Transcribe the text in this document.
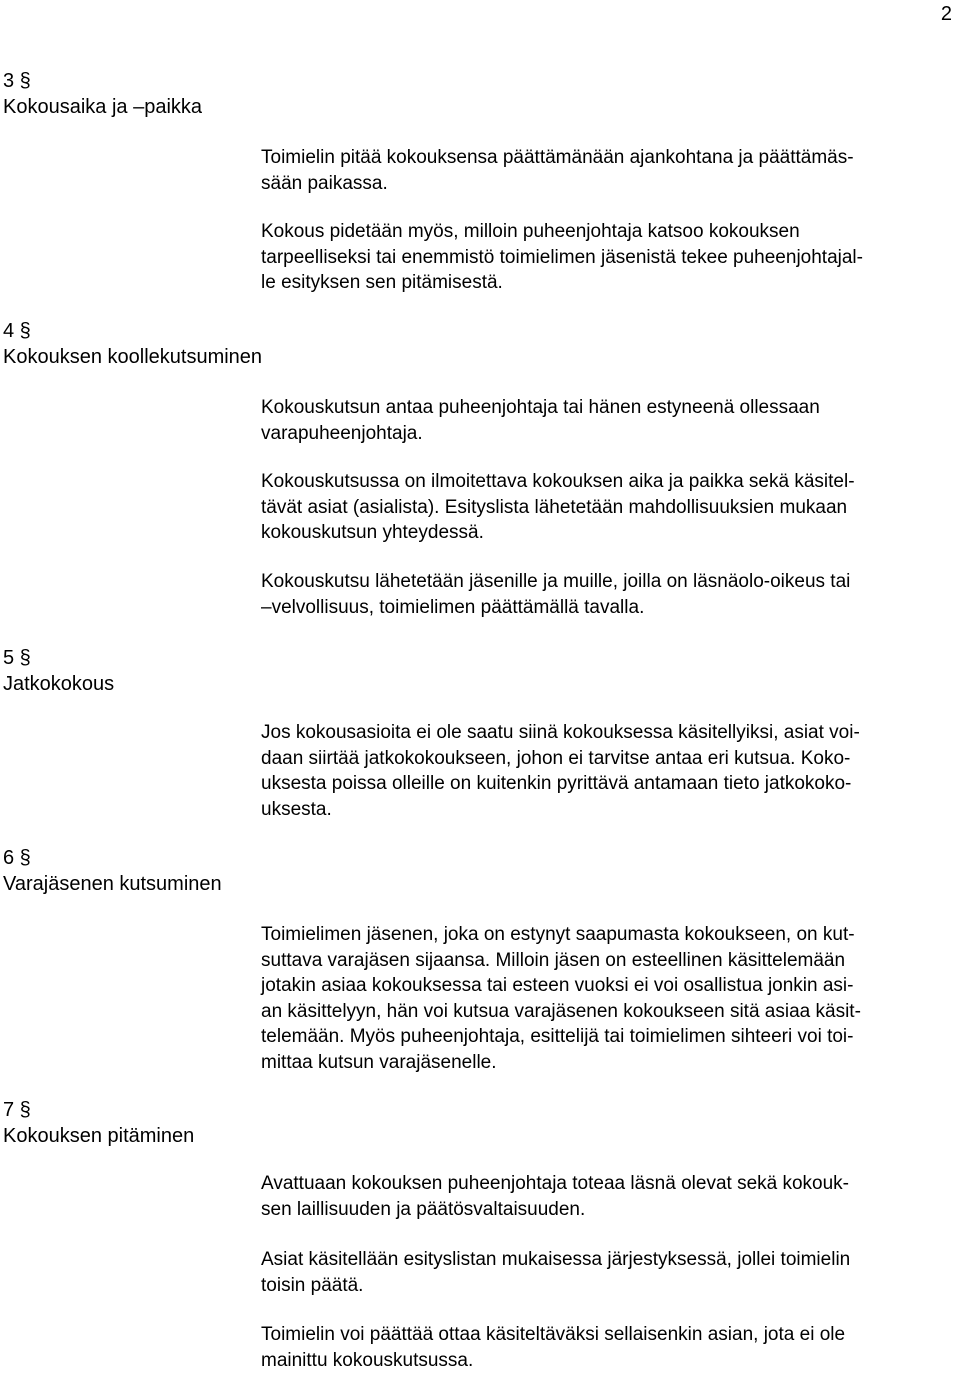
2
3 §
Kokousaika ja –paikka
4 §
Kokouksen koollekutsuminen
5 §
Jatkokokous
6 §
Varajäsenen kutsuminen
7 §
Kokouksen pitäminen
Toimielin pitää kokouksensa päättämänään ajankohtana ja päättämäs-
sään paikassa.
Kokous pidetään myös, milloin puheenjohtaja katsoo kokouksen
tarpeelliseksi tai enemmistö toimielimen jäsenistä tekee puheenjohtajal-
le esityksen sen pitämisestä.
Kokouskutsun antaa puheenjohtaja tai hänen estyneenä ollessaan
varapuheenjohtaja.
Kokouskutsussa on ilmoitettava kokouksen aika ja paikka sekä käsitel-
tävät asiat (asialista). Esityslista lähetetään mahdollisuuksien mukaan
kokouskutsun yhteydessä.
Kokouskutsu lähetetään jäsenille ja muille, joilla on läsnäolo-oikeus tai
–velvollisuus, toimielimen päättämällä tavalla.
Jos kokousasioita ei ole saatu siinä kokouksessa käsitellyiksi, asiat voi-
daan siirtää jatkokokoukseen, johon ei tarvitse antaa eri kutsua. Koko-
uksesta poissa olleille on kuitenkin pyrittävä antamaan tieto jatkokoko-
uksesta.
Toimielimen jäsenen, joka on estynyt saapumasta kokoukseen, on kut-
suttava varajäsen sijaansa. Milloin jäsen on esteellinen käsittelemään
jotakin asiaa kokouksessa tai esteen vuoksi ei voi osallistua jonkin asi-
an käsittelyyn, hän voi kutsua varajäsenen kokoukseen sitä asiaa käsit-
telemään. Myös puheenjohtaja, esittelijä tai toimielimen sihteeri voi toi-
mittaa kutsun varajäsenelle.
Avattuaan kokouksen puheenjohtaja toteaa läsnä olevat sekä kokouk-
sen laillisuuden ja päätösvaltaisuuden.
Asiat käsitellään esityslistan mukaisessa järjestyksessä, jollei toimielin
toisin päätä.
Toimielin voi päättää ottaa käsiteltäväksi sellaisenkin asian, jota ei ole
mainittu kokouskutsussa.
